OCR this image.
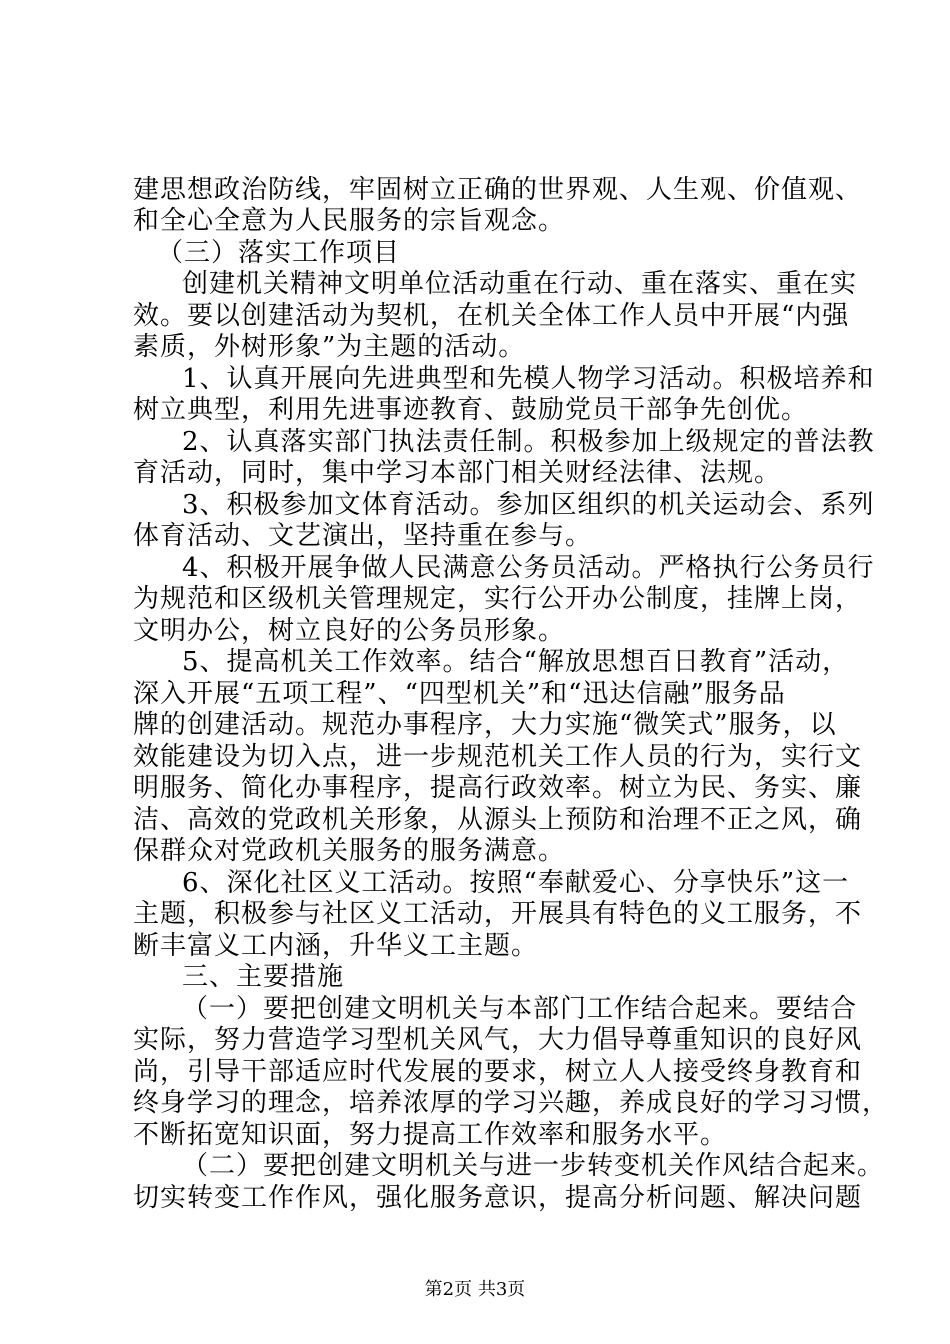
建思想政治防线，牢固树立正确的世界观、人生观、价值观、
和全心全意为人民服务的宗旨观念。
（三）落实工作项目
创建机关精神文明单位活动重在行动、重在落实、重在实
效。要以创建活动为契机，在机关全体工作人员中开展“内强
素质，外树形象”为主题的活动。
1、认真开展向先进典型和先模人物学习活动。积极培养和
树立典型，利用先进事迹教育、鼓励党员干部争先创优。
2、认真落实部门执法责任制。积极参加上级规定的普法教
育活动，同时，集中学习本部门相关财经法律、法规。
3、积极参加文体育活动。参加区组织的机关运动会、系列
体育活动、文艺演出，坚持重在参与。
4、积极开展争做人民满意公务员活动。严格执行公务员行
为规范和区级机关管理规定，实行公开办公制度，挂牌上岗，
文明办公，树立良好的公务员形象。
5、提高机关工作效率。结合“解放思想百日教育”活动，
深入开展“五项工程”、“四型机关”和“迅达信融”服务品
牌的创建活动。规范办事程序，大力实施“微笑式”服务，以
效能建设为切入点，进一步规范机关工作人员的行为，实行文
明服务、简化办事程序，提高行政效率。树立为民、务实、廉
洁、高效的党政机关形象，从源头上预防和治理不正之风，确
保群众对党政机关服务的服务满意。
6、深化社区义工活动。按照“奉献爱心、分享快乐”这一
主题，积极参与社区义工活动，开展具有特色的义工服务，不
断丰富义工内涵，升华义工主题。
三、主要措施
（一）要把创建文明机关与本部门工作结合起来。要结合
实际，努力营造学习型机关风气，大力倡导尊重知识的良好风
尚，引导干部适应时代发展的要求，树立人人接受终身教育和
终身学习的理念，培养浓厚的学习兴趣，养成良好的学习习惯，
不断拓宽知识面，努力提高工作效率和服务水平。
（二）要把创建文明机关与进一步转变机关作风结合起来。
切实转变工作作风，强化服务意识，提高分析问题、解决问题
第2页 共3页
